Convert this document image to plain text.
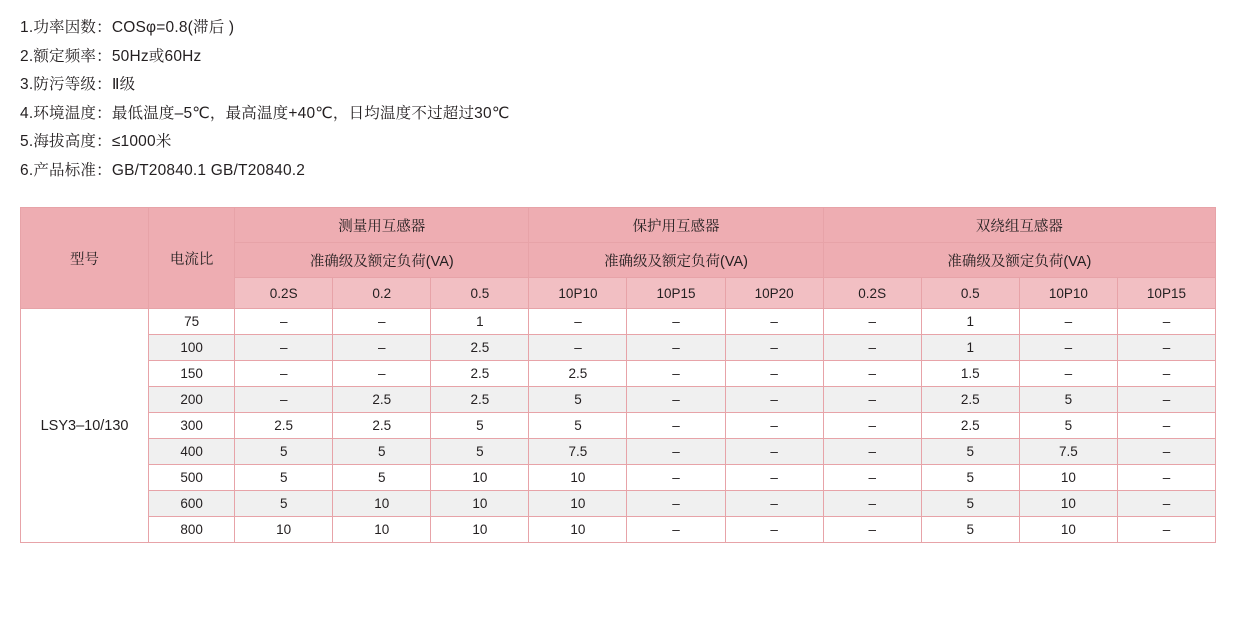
1.功率因数：COSφ=0.8(滞后 )
2.额定频率：50Hz或60Hz
3.防污等级：Ⅱ级
4.环境温度：最低温度–5℃，最高温度+40℃，日均温度不过超过30℃
5.海拔高度：≤1000米
6.产品标准：GB/T20840.1 GB/T20840.2
型号	电流比	测量用互感器			保护用互感器			双绕组互感器			
		准确级及额定负荷(VA)			准确级及额定负荷(VA)			准确级及额定负荷(VA)			
		0.2S	0.2	0.5	10P10	10P15	10P20	0.2S	0.5	10P10	10P15
LSY3–10/130	75	–	–	1	–	–	–	–	1	–	–
	100	–	–	2.5	–	–	–	–	1	–	–
	150	–	–	2.5	2.5	–	–	–	1.5	–	–
	200	–	2.5	2.5	5	–	–	–	2.5	5	–
	300	2.5	2.5	5	5	–	–	–	2.5	5	–
	400	5	5	5	7.5	–	–	–	5	7.5	–
	500	5	5	10	10	–	–	–	5	10	–
	600	5	10	10	10	–	–	–	5	10	–
	800	10	10	10	10	–	–	–	5	10	–
